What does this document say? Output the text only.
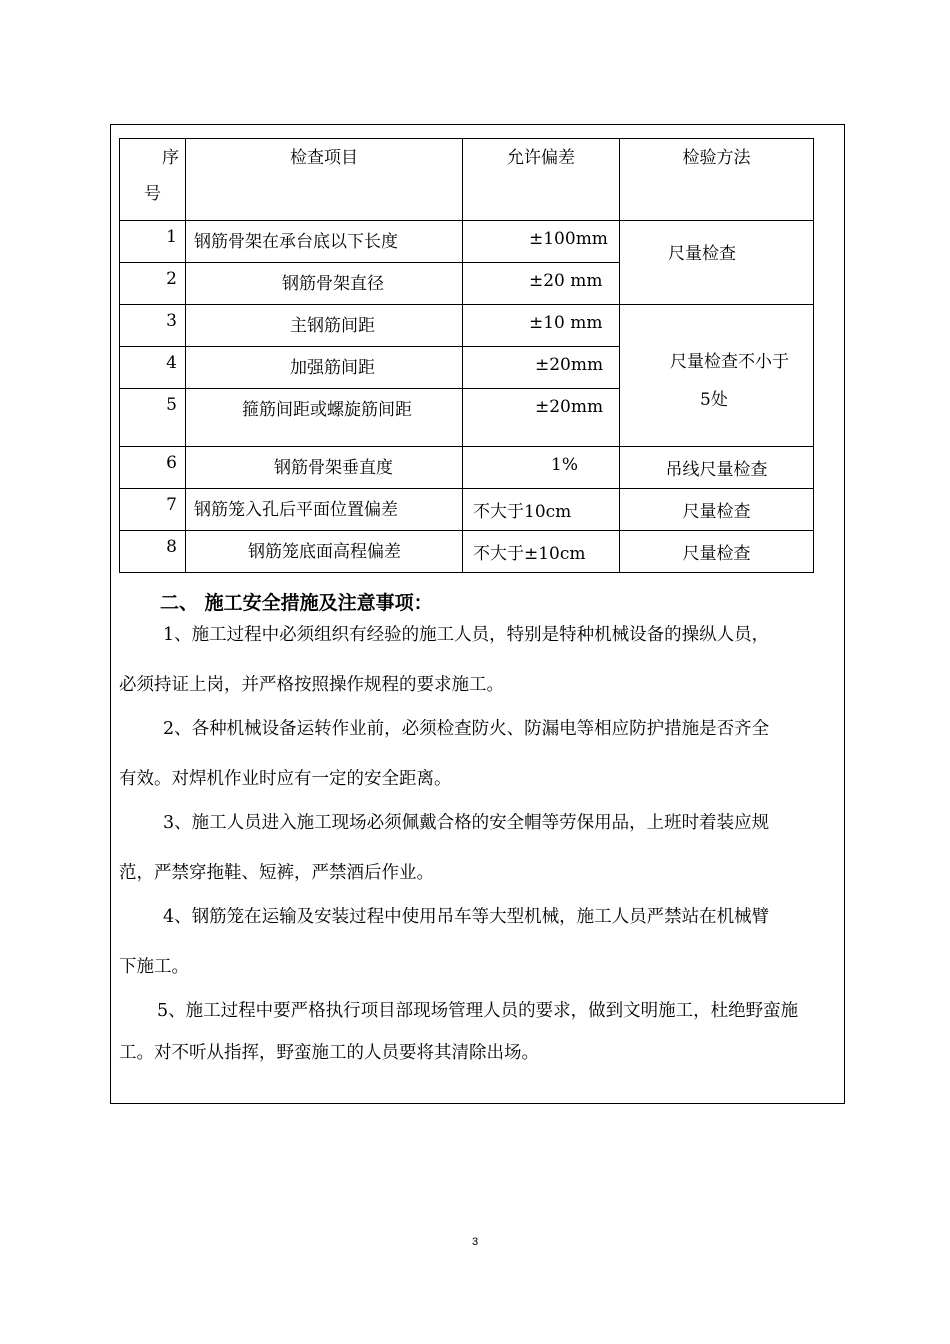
序
号	检查项目	允许偏差	检验方法
1	钢筋骨架在承台底以下长度	±100mm	尺量检查
2	钢筋骨架直径	±20 mm	
3	主钢筋间距	±10 mm	尺量检查不小于
5处

4	加强筋间距	±20mm	
5	箍筋间距或螺旋筋间距	±20mm	
6	钢筋骨架垂直度	1%	吊线尺量检查
7	钢筋笼入孔后平面位置偏差	不大于10cm	尺量检查
8	钢筋笼底面高程偏差	不大于±10cm	尺量检查
二、 施工安全措施及注意事项：

1、施工过程中必须组织有经验的施工人员，特别是特种机械设备的操纵人员，

必须持证上岗，并严格按照操作规程的要求施工。

2、各种机械设备运转作业前，必须检查防火、防漏电等相应防护措施是否齐全

有效。对焊机作业时应有一定的安全距离。

3、施工人员进入施工现场必须佩戴合格的安全帽等劳保用品，上班时着装应规

范，严禁穿拖鞋、短裤，严禁酒后作业。

4、钢筋笼在运输及安装过程中使用吊车等大型机械，施工人员严禁站在机械臂

下施工。

5、施工过程中要严格执行项目部现场管理人员的要求，做到文明施工，杜绝野蛮施

工。对不听从指挥，野蛮施工的人员要将其清除出场。

3
